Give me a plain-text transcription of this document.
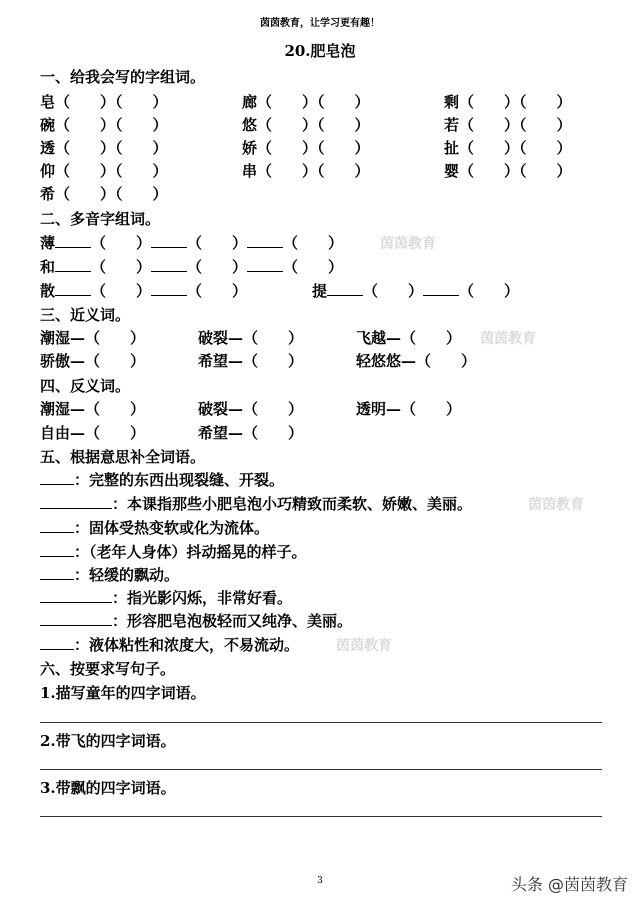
茵茵教育，让学习更有趣！
20.肥皂泡
一、给我会写的字组词。
皂（　　）（　　）	廊（　　）（　　）	剩（　　）（　　）
碗（　　）（　　）	悠（　　）（　　）	若（　　）（　　）
透（　　）（　　）	娇（　　）（　　）	扯（　　）（　　）
仰（　　）（　　）	串（　　）（　　）	婴（　　）（　　）
希（　　）（　　）
二、多音字组词。
薄 （　　） （　　） （　　）	茵茵教育
和 （　　） （　　） （　　）
散 （　　） （　　）	提 （　　） （　　）
三、近义词。
潮湿—（　　）	破裂—（　　）	飞越—（　　） 茵茵教育
骄傲—（　　）	希望—（　　）	轻悠悠—（　　）
四、反义词。
潮湿—（　　）	破裂—（　　）	透明—（　　）
自由—（　　）	希望—（　　）
五、根据意思补全词语。
：完整的东西出现裂缝、开裂。
：本课指那些小肥皂泡小巧精致而柔软、娇嫩、美丽。	茵茵教育
：固体受热变软或化为流体。
：（老年人身体）抖动摇晃的样子。
：轻缓的飘动。
：指光影闪烁，非常好看。
：形容肥皂泡极轻而又纯净、美丽。
：液体粘性和浓度大，不易流动。	茵茵教育
六、按要求写句子。
1.描写童年的四字词语。
2.带飞的四字词语。
3.带飘的四字词语。
3	头条 @茵茵教育
